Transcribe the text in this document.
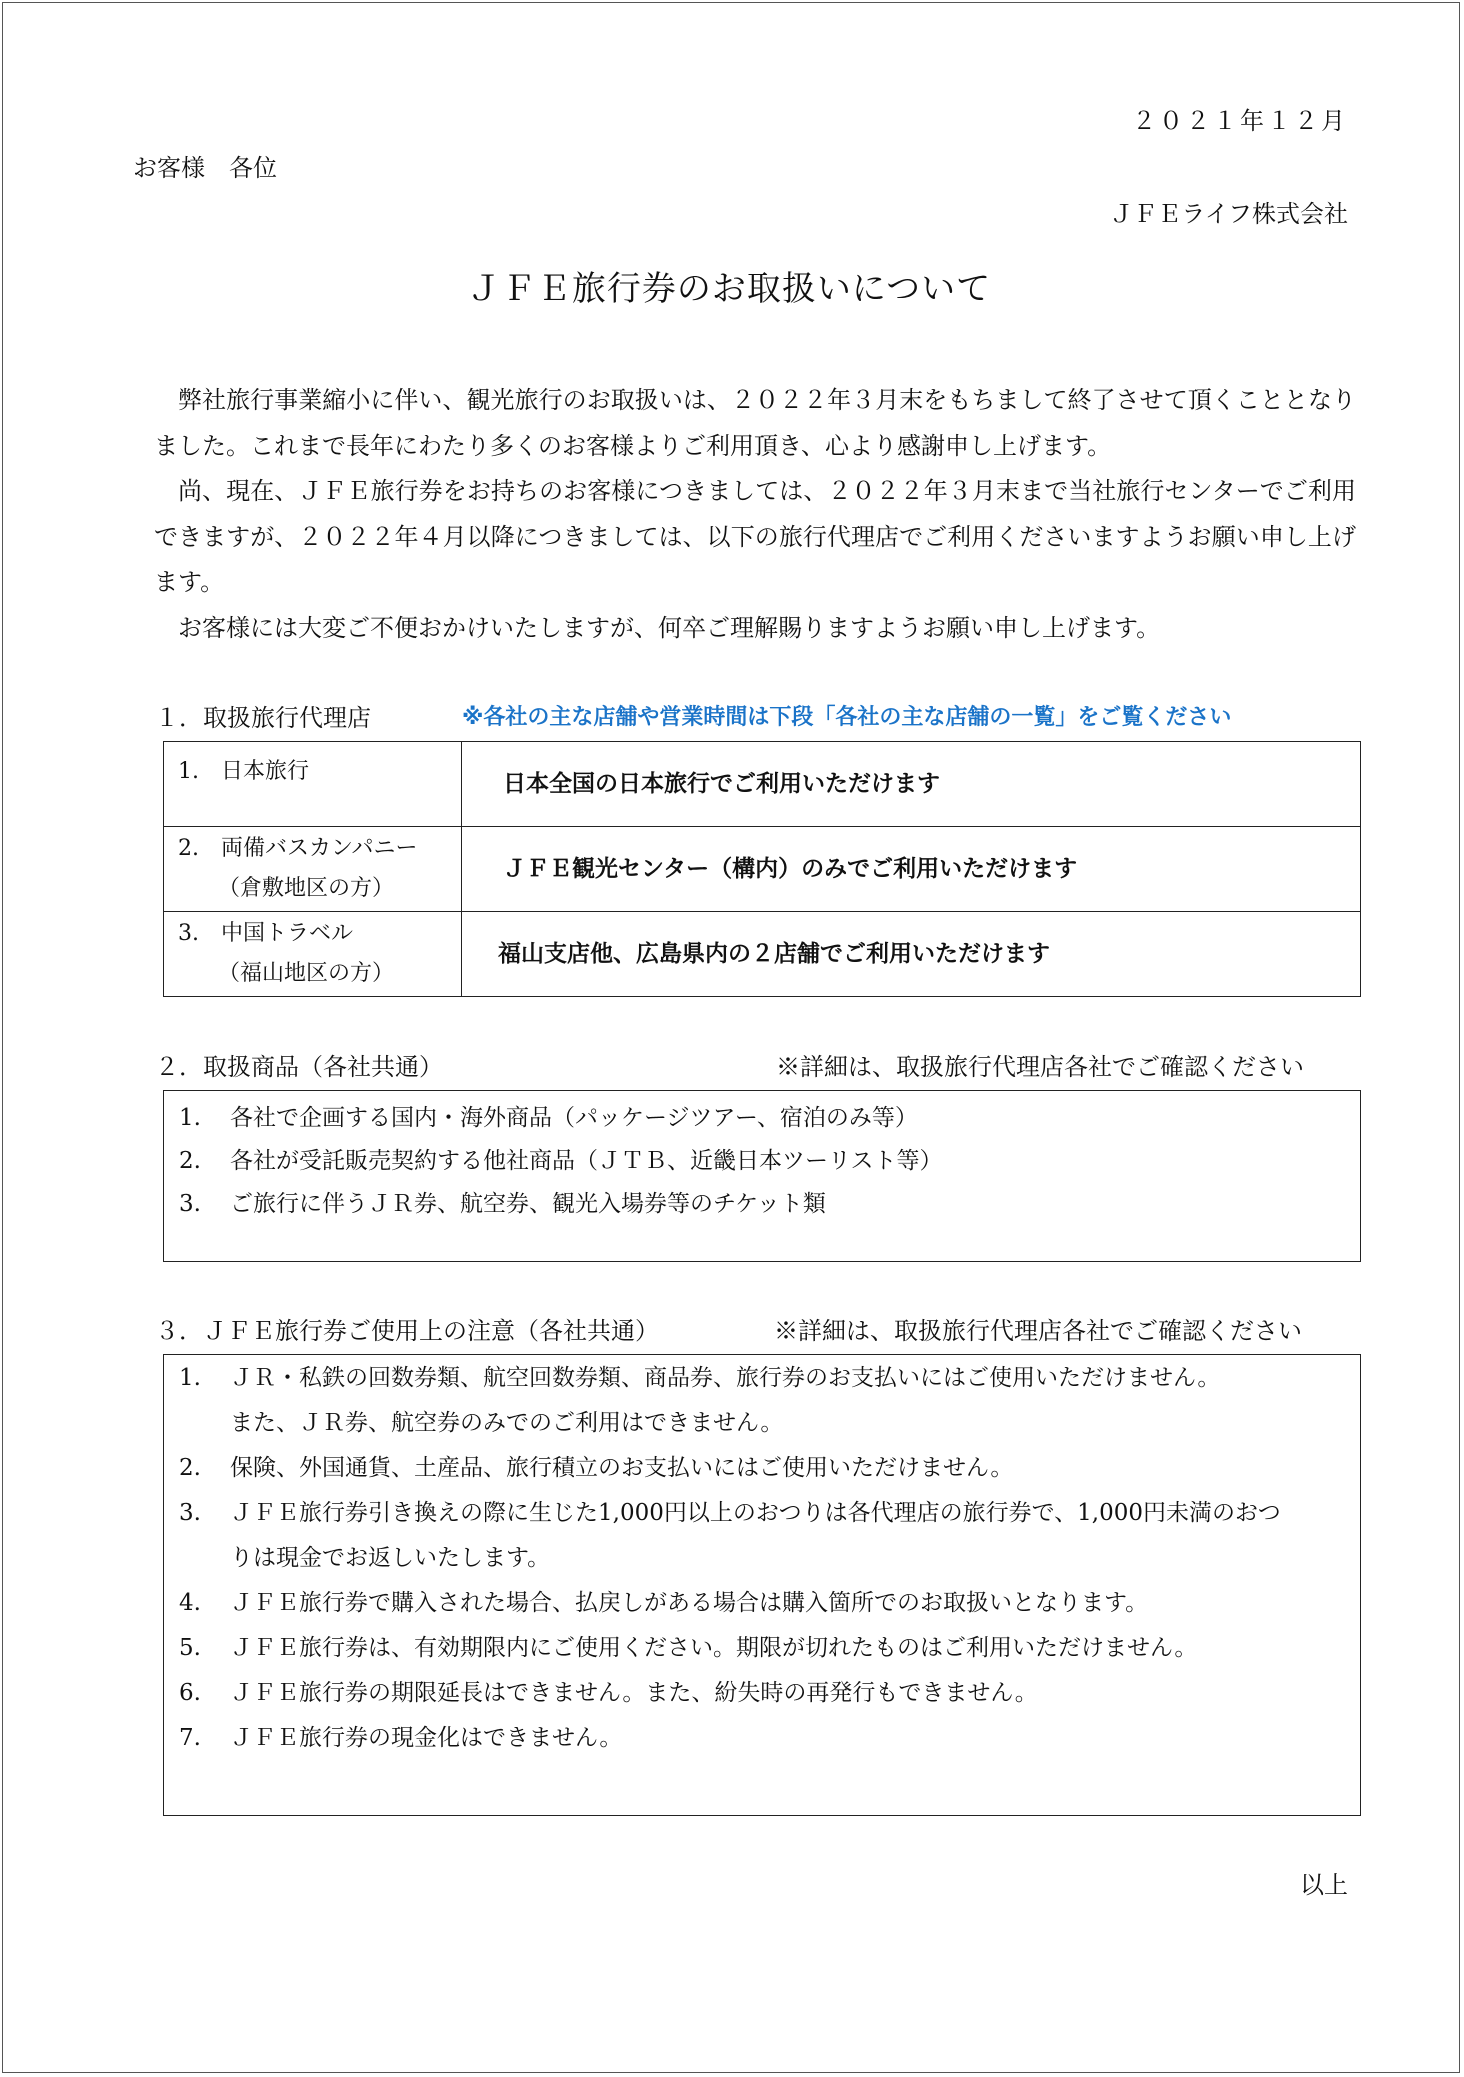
２０２１年１２月
お客様　各位
ＪＦＥライフ株式会社
ＪＦＥ旅行券のお取扱いについて

弊社旅行事業縮小に伴い、観光旅行のお取扱いは、２０２２年３月末をもちまして終了させて頂くこととなりました。これまで長年にわたり多くのお客様よりご利用頂き、心より感謝申し上げます。

尚、現在、ＪＦＥ旅行券をお持ちのお客様につきましては、２０２２年３月末まで当社旅行センターでご利用できますが、２０２２年４月以降につきましては、以下の旅行代理店でご利用くださいますようお願い申し上げます。

お客様には大変ご不便おかけいたしますが、何卒ご理解賜りますようお願い申し上げます。

１．取扱旅行代理店	※各社の主な店舗や営業時間は下段「各社の主な店舗の一覧」をご覧ください
1.　日本旅行	日本全国の日本旅行でご利用いただけます

2.　両備バスカンパニー
（倉敷地区の方）	ＪＦＥ観光センター（構内）のみでご利用いただけます

3.　中国トラベル
（福山地区の方）	福山支店他、広島県内の２店舗でご利用いただけます
２．取扱商品（各社共通）	※詳細は、取扱旅行代理店各社でご確認ください
1. 各社で企画する国内・海外商品（パッケージツアー、宿泊のみ等）
2. 各社が受託販売契約する他社商品（ＪＴＢ、近畿日本ツーリスト等）
3. ご旅行に伴うＪＲ券、航空券、観光入場券等のチケット類
３．ＪＦＥ旅行券ご使用上の注意（各社共通）	※詳細は、取扱旅行代理店各社でご確認ください
1. ＪＲ・私鉄の回数券類、航空回数券類、商品券、旅行券のお支払いにはご使用いただけません。
また、ＪＲ券、航空券のみでのご利用はできません。
2. 保険、外国通貨、土産品、旅行積立のお支払いにはご使用いただけません。
3. ＪＦＥ旅行券引き換えの際に生じた1,000円以上のおつりは各代理店の旅行券で、1,000円未満のおつ
りは現金でお返しいたします。
4. ＪＦＥ旅行券で購入された場合、払戻しがある場合は購入箇所でのお取扱いとなります。
5. ＪＦＥ旅行券は、有効期限内にご使用ください。期限が切れたものはご利用いただけません。
6. ＪＦＥ旅行券の期限延長はできません。また、紛失時の再発行もできません。
7. ＪＦＥ旅行券の現金化はできません。
以上
